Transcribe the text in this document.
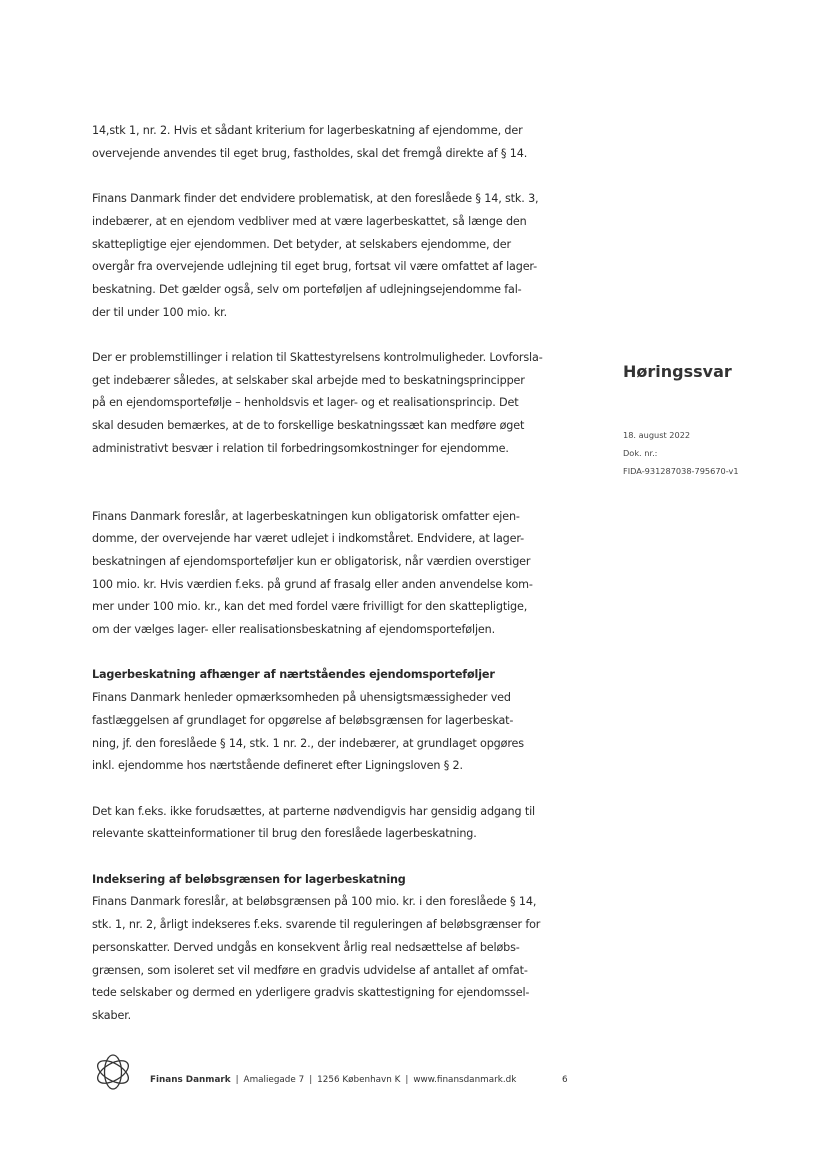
14,stk 1, nr. 2. Hvis et sådant kriterium for lagerbeskatning af ejendomme, der
overvejende anvendes til eget brug, fastholdes, skal det fremgå direkte af § 14.

Finans Danmark finder det endvidere problematisk, at den foreslåede § 14, stk. 3,
indebærer, at en ejendom vedbliver med at være lagerbeskattet, så længe den
skattepligtige ejer ejendommen. Det betyder, at selskabers ejendomme, der
overgår fra overvejende udlejning til eget brug, fortsat vil være omfattet af lager-
beskatning. Det gælder også, selv om porteføljen af udlejningsejendomme fal-
der til under 100 mio. kr.

Der er problemstillinger i relation til Skattestyrelsens kontrolmuligheder. Lovforsla-
get indebærer således, at selskaber skal arbejde med to beskatningsprincipper
på en ejendomsportefølje – henholdsvis et lager- og et realisationsprincip. Det
skal desuden bemærkes, at de to forskellige beskatningssæt kan medføre øget
administrativt besvær i relation til forbedringsomkostninger for ejendomme.

Finans Danmark foreslår, at lagerbeskatningen kun obligatorisk omfatter ejen-
domme, der overvejende har været udlejet i indkomståret. Endvidere, at lager-
beskatningen af ejendomsporteføljer kun er obligatorisk, når værdien overstiger
100 mio. kr. Hvis værdien f.eks. på grund af frasalg eller anden anvendelse kom-
mer under 100 mio. kr., kan det med fordel være frivilligt for den skattepligtige,
om der vælges lager- eller realisationsbeskatning af ejendomsporteføljen.

Lagerbeskatning afhænger af nærtståendes ejendomsporteføljer

Finans Danmark henleder opmærksomheden på uhensigtsmæssigheder ved
fastlæggelsen af grundlaget for opgørelse af beløbsgrænsen for lagerbeskat-
ning, jf. den foreslåede § 14, stk. 1 nr. 2., der indebærer, at grundlaget opgøres
inkl. ejendomme hos nærtstående defineret efter Ligningsloven § 2.

Det kan f.eks. ikke forudsættes, at parterne nødvendigvis har gensidig adgang til
relevante skatteinformationer til brug den foreslåede lagerbeskatning.

Indeksering af beløbsgrænsen for lagerbeskatning

Finans Danmark foreslår, at beløbsgrænsen på 100 mio. kr. i den foreslåede § 14,
stk. 1, nr. 2, årligt indekseres f.eks. svarende til reguleringen af beløbsgrænser for
personskatter. Derved undgås en konsekvent årlig real nedsættelse af beløbs-
grænsen, som isoleret set vil medføre en gradvis udvidelse af antallet af omfat-
tede selskaber og dermed en yderligere gradvis skattestigning for ejendomssel-
skaber.

Høringssvar
18. august 2022
Dok. nr.:
FIDA-931287038-795670-v1
Finans Danmark | Amaliegade 7 | 1256 København K | www.finansdanmark.dk	6
